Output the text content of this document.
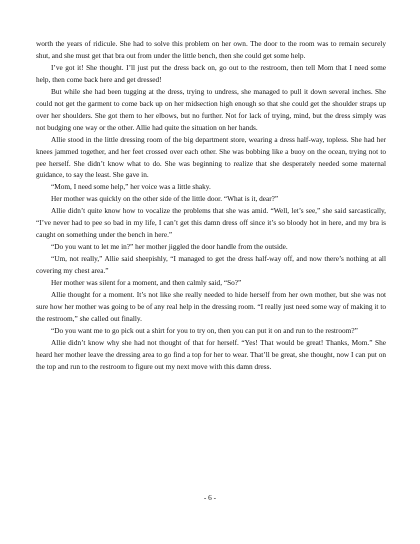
worth the years of ridicule. She had to solve this problem on her own. The door to the room was to remain securely shut, and she must get that bra out from under the little bench, then she could get some help.

I’ve got it! She thought. I’ll just put the dress back on, go out to the restroom, then tell Mom that I need some help, then come back here and get dressed!

But while she had been tugging at the dress, trying to undress, she managed to pull it down several inches. She could not get the garment to come back up on her midsection high enough so that she could get the shoulder straps up over her shoulders. She got them to her elbows, but no further. Not for lack of trying, mind, but the dress simply was not budging one way or the other. Allie had quite the situation on her hands.

Allie stood in the little dressing room of the big department store, wearing a dress half-way, topless. She had her knees jammed together, and her feet crossed over each other. She was bobbing like a buoy on the ocean, trying not to pee herself. She didn’t know what to do. She was beginning to realize that she desperately needed some maternal guidance, to say the least. She gave in.

“Mom, I need some help,” her voice was a little shaky.

Her mother was quickly on the other side of the little door. “What is it, dear?”

Allie didn’t quite know how to vocalize the problems that she was amid. “Well, let’s see,” she said sarcastically, “I’ve never had to pee so bad in my life, I can’t get this damn dress off since it’s so bloody hot in here, and my bra is caught on something under the bench in here.”

“Do you want to let me in?” her mother jiggled the door handle from the outside.

“Um, not really,” Allie said sheepishly, “I managed to get the dress half-way off, and now there’s nothing at all covering my chest area.”

Her mother was silent for a moment, and then calmly said, “So?”

Allie thought for a moment. It’s not like she really needed to hide herself from her own mother, but she was not sure how her mother was going to be of any real help in the dressing room. “I really just need some way of making it to the restroom,” she called out finally.

“Do you want me to go pick out a shirt for you to try on, then you can put it on and run to the restroom?”

Allie didn’t know why she had not thought of that for herself. “Yes! That would be great! Thanks, Mom.” She heard her mother leave the dressing area to go find a top for her to wear. That’ll be great, she thought, now I can put on the top and run to the restroom to figure out my next move with this damn dress.

- 6 -
